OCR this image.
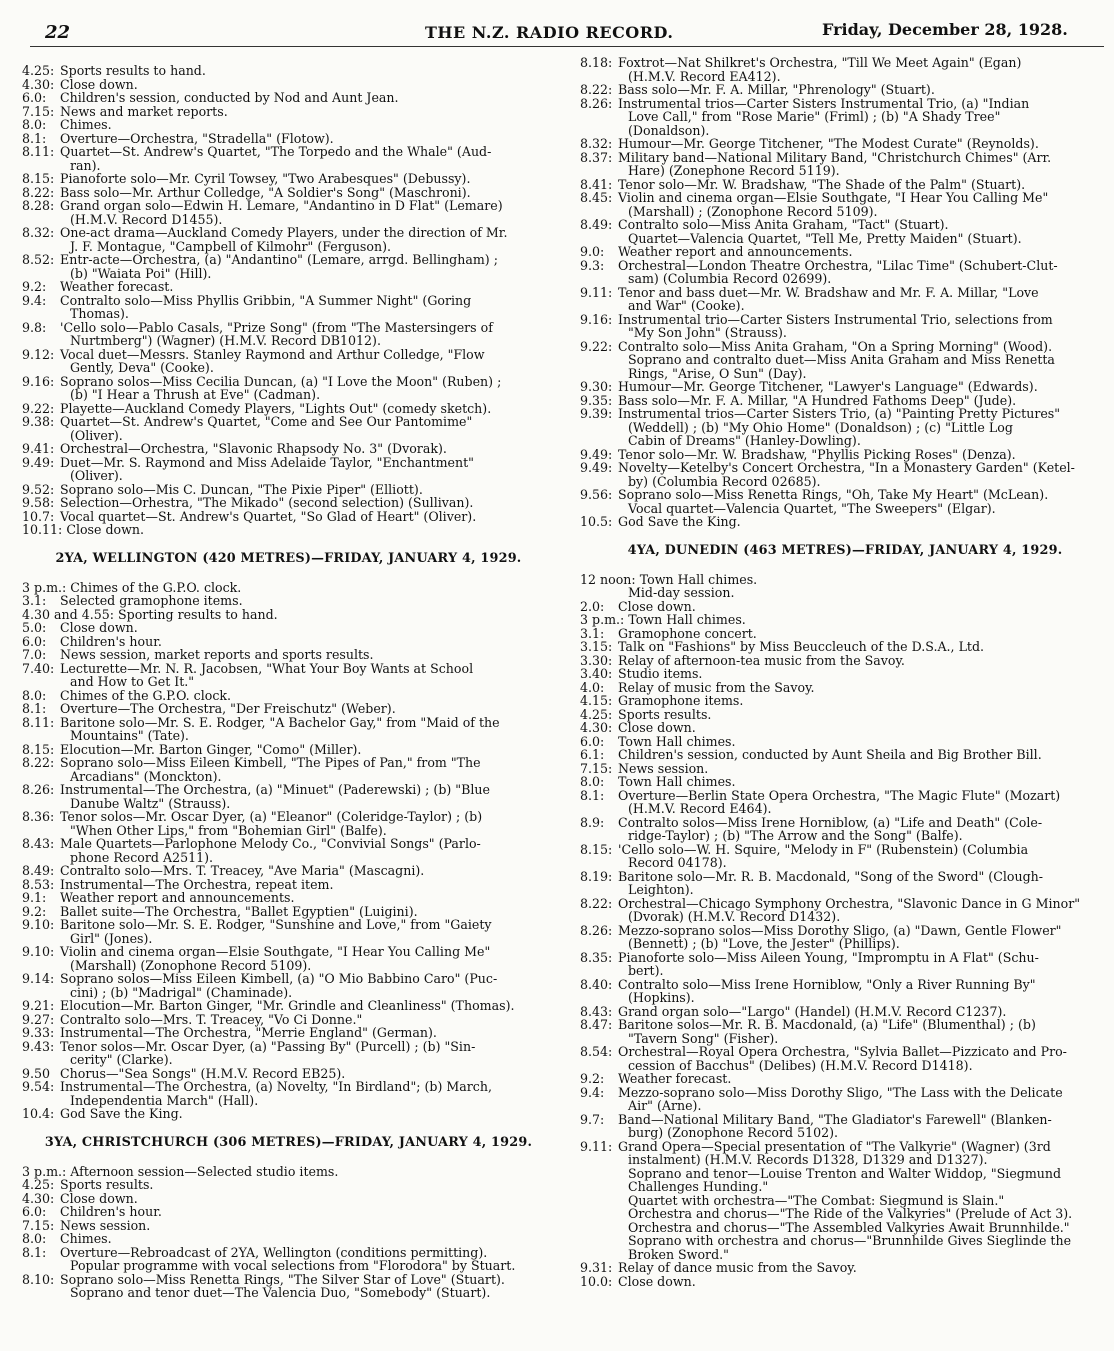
22	THE N.Z. RADIO RECORD.	Friday, December 28, 1928.
4.25: Sports results to hand.
4.30: Close down.
6.0: Children's session, conducted by Nod and Aunt Jean.
7.15: News and market reports.
8.0: Chimes.
8.1: Overture—Orchestra, "Stradella" (Flotow).
8.11: Quartet—St. Andrew's Quartet, "The Torpedo and the Whale" (Aud-
ran).
8.15: Pianoforte solo—Mr. Cyril Towsey, "Two Arabesques" (Debussy).
8.22: Bass solo—Mr. Arthur Colledge, "A Soldier's Song" (Maschroni).
8.28: Grand organ solo—Edwin H. Lemare, "Andantino in D Flat" (Lemare)
(H.M.V. Record D1455).
8.32: One-act drama—Auckland Comedy Players, under the direction of Mr.
J. F. Montague, "Campbell of Kilmohr" (Ferguson).
8.52: Entr-acte—Orchestra, (a) "Andantino" (Lemare, arrgd. Bellingham) ;
(b) "Waiata Poi" (Hill).
9.2: Weather forecast.
9.4: Contralto solo—Miss Phyllis Gribbin, "A Summer Night" (Goring
Thomas).
9.8: 'Cello solo—Pablo Casals, "Prize Song" (from "The Mastersingers of
Nurtmberg") (Wagner) (H.M.V. Record DB1012).
9.12: Vocal duet—Messrs. Stanley Raymond and Arthur Colledge, "Flow
Gently, Deva" (Cooke).
9.16: Soprano solos—Miss Cecilia Duncan, (a) "I Love the Moon" (Ruben) ;
(b) "I Hear a Thrush at Eve" (Cadman).
9.22: Playette—Auckland Comedy Players, "Lights Out" (comedy sketch).
9.38: Quartet—St. Andrew's Quartet, "Come and See Our Pantomime"
(Oliver).
9.41: Orchestral—Orchestra, "Slavonic Rhapsody No. 3" (Dvorak).
9.49: Duet—Mr. S. Raymond and Miss Adelaide Taylor, "Enchantment"
(Oliver).
9.52: Soprano solo—Mis C. Duncan, "The Pixie Piper" (Elliott).
9.58: Selection—Orhestra, "The Mikado" (second selection) (Sullivan).
10.7: Vocal quartet—St. Andrew's Quartet, "So Glad of Heart" (Oliver).
10.11: Close down.
2YA, WELLINGTON (420 METRES)—FRIDAY, JANUARY 4, 1929.
3 p.m.: Chimes of the G.P.O. clock.
3.1: Selected gramophone items.
4.30 and 4.55: Sporting results to hand.
5.0: Close down.
6.0: Children's hour.
7.0: News session, market reports and sports results.
7.40: Lecturette—Mr. N. R. Jacobsen, "What Your Boy Wants at School
and How to Get It."
8.0: Chimes of the G.P.O. clock.
8.1: Overture—The Orchestra, "Der Freischutz" (Weber).
8.11: Baritone solo—Mr. S. E. Rodger, "A Bachelor Gay," from "Maid of the
Mountains" (Tate).
8.15: Elocution—Mr. Barton Ginger, "Como" (Miller).
8.22: Soprano solo—Miss Eileen Kimbell, "The Pipes of Pan," from "The
Arcadians" (Monckton).
8.26: Instrumental—The Orchestra, (a) "Minuet" (Paderewski) ; (b) "Blue
Danube Waltz" (Strauss).
8.36: Tenor solos—Mr. Oscar Dyer, (a) "Eleanor" (Coleridge-Taylor) ; (b)
"When Other Lips," from "Bohemian Girl" (Balfe).
8.43: Male Quartets—Parlophone Melody Co., "Convivial Songs" (Parlo-
phone Record A2511).
8.49: Contralto solo—Mrs. T. Treacey, "Ave Maria" (Mascagni).
8.53: Instrumental—The Orchestra, repeat item.
9.1: Weather report and announcements.
9.2: Ballet suite—The Orchestra, "Ballet Egyptien" (Luigini).
9.10: Baritone solo—Mr. S. E. Rodger, "Sunshine and Love," from "Gaiety
Girl" (Jones).
9.10: Violin and cinema organ—Elsie Southgate, "I Hear You Calling Me"
(Marshall) (Zonophone Record 5109).
9.14: Soprano solos—Miss Eileen Kimbell, (a) "O Mio Babbino Caro" (Puc-
cini) ; (b) "Madrigal" (Chaminade).
9.21: Elocution—Mr. Barton Ginger, "Mr. Grindle and Cleanliness" (Thomas).
9.27: Contralto solo—Mrs. T. Treacey, "Vo Ci Donne."
9.33: Instrumental—The Orchestra, "Merrie England" (German).
9.43: Tenor solos—Mr. Oscar Dyer, (a) "Passing By" (Purcell) ; (b) "Sin-
cerity" (Clarke).
9.50 Chorus—"Sea Songs" (H.M.V. Record EB25).
9.54: Instrumental—The Orchestra, (a) Novelty, "In Birdland"; (b) March,
Independentia March" (Hall).
10.4: God Save the King.
3YA, CHRISTCHURCH (306 METRES)—FRIDAY, JANUARY 4, 1929.
3 p.m.: Afternoon session—Selected studio items.
4.25: Sports results.
4.30: Close down.
6.0: Children's hour.
7.15: News session.
8.0: Chimes.
8.1: Overture—Rebroadcast of 2YA, Wellington (conditions permitting).
Popular programme with vocal selections from "Florodora" by Stuart.
8.10: Soprano solo—Miss Renetta Rings, "The Silver Star of Love" (Stuart).
Soprano and tenor duet—The Valencia Duo, "Somebody" (Stuart).
8.18: Foxtrot—Nat Shilkret's Orchestra, "Till We Meet Again" (Egan)
(H.M.V. Record EA412).
8.22: Bass solo—Mr. F. A. Millar, "Phrenology" (Stuart).
8.26: Instrumental trios—Carter Sisters Instrumental Trio, (a) "Indian
Love Call," from "Rose Marie" (Friml) ; (b) "A Shady Tree"
(Donaldson).
8.32: Humour—Mr. George Titchener, "The Modest Curate" (Reynolds).
8.37: Military band—National Military Band, "Christchurch Chimes" (Arr.
Hare) (Zonephone Record 5119).
8.41: Tenor solo—Mr. W. Bradshaw, "The Shade of the Palm" (Stuart).
8.45: Violin and cinema organ—Elsie Southgate, "I Hear You Calling Me"
(Marshall) ; (Zonophone Record 5109).
8.49: Contralto solo—Miss Anita Graham, "Tact" (Stuart).
Quartet—Valencia Quartet, "Tell Me, Pretty Maiden" (Stuart).
9.0: Weather report and announcements.
9.3: Orchestral—London Theatre Orchestra, "Lilac Time" (Schubert-Clut-
sam) (Columbia Record 02699).
9.11: Tenor and bass duet—Mr. W. Bradshaw and Mr. F. A. Millar, "Love
and War" (Cooke).
9.16: Instrumental trio—Carter Sisters Instrumental Trio, selections from
"My Son John" (Strauss).
9.22: Contralto solo—Miss Anita Graham, "On a Spring Morning" (Wood).
Soprano and contralto duet—Miss Anita Graham and Miss Renetta
Rings, "Arise, O Sun" (Day).
9.30: Humour—Mr. George Titchener, "Lawyer's Language" (Edwards).
9.35: Bass solo—Mr. F. A. Millar, "A Hundred Fathoms Deep" (Jude).
9.39: Instrumental trios—Carter Sisters Trio, (a) "Painting Pretty Pictures"
(Weddell) ; (b) "My Ohio Home" (Donaldson) ; (c) "Little Log
Cabin of Dreams" (Hanley-Dowling).
9.49: Tenor solo—Mr. W. Bradshaw, "Phyllis Picking Roses" (Denza).
9.49: Novelty—Ketelby's Concert Orchestra, "In a Monastery Garden" (Ketel-
by) (Columbia Record 02685).
9.56: Soprano solo—Miss Renetta Rings, "Oh, Take My Heart" (McLean).
Vocal quartet—Valencia Quartet, "The Sweepers" (Elgar).
10.5: God Save the King.
4YA, DUNEDIN (463 METRES)—FRIDAY, JANUARY 4, 1929.
12 noon: Town Hall chimes.
Mid-day session.
2.0: Close down.
3 p.m.: Town Hall chimes.
3.1: Gramophone concert.
3.15: Talk on "Fashions" by Miss Beuccleuch of the D.S.A., Ltd.
3.30: Relay of afternoon-tea music from the Savoy.
3.40: Studio items.
4.0: Relay of music from the Savoy.
4.15: Gramophone items.
4.25: Sports results.
4.30: Close down.
6.0: Town Hall chimes.
6.1: Children's session, conducted by Aunt Sheila and Big Brother Bill.
7.15: News session.
8.0: Town Hall chimes.
8.1: Overture—Berlin State Opera Orchestra, "The Magic Flute" (Mozart)
(H.M.V. Record E464).
8.9: Contralto solos—Miss Irene Horniblow, (a) "Life and Death" (Cole-
ridge-Taylor) ; (b) "The Arrow and the Song" (Balfe).
8.15: 'Cello solo—W. H. Squire, "Melody in F" (Rubenstein) (Columbia
Record 04178).
8.19: Baritone solo—Mr. R. B. Macdonald, "Song of the Sword" (Clough-
Leighton).
8.22: Orchestral—Chicago Symphony Orchestra, "Slavonic Dance in G Minor"
(Dvorak) (H.M.V. Record D1432).
8.26: Mezzo-soprano solos—Miss Dorothy Sligo, (a) "Dawn, Gentle Flower"
(Bennett) ; (b) "Love, the Jester" (Phillips).
8.35: Pianoforte solo—Miss Aileen Young, "Impromptu in A Flat" (Schu-
bert).
8.40: Contralto solo—Miss Irene Horniblow, "Only a River Running By"
(Hopkins).
8.43: Grand organ solo—"Largo" (Handel) (H.M.V. Record C1237).
8.47: Baritone solos—Mr. R. B. Macdonald, (a) "Life" (Blumenthal) ; (b)
"Tavern Song" (Fisher).
8.54: Orchestral—Royal Opera Orchestra, "Sylvia Ballet—Pizzicato and Pro-
cession of Bacchus" (Delibes) (H.M.V. Record D1418).
9.2: Weather forecast.
9.4: Mezzo-soprano solo—Miss Dorothy Sligo, "The Lass with the Delicate
Air" (Arne).
9.7: Band—National Military Band, "The Gladiator's Farewell" (Blanken-
burg) (Zonophone Record 5102).
9.11: Grand Opera—Special presentation of "The Valkyrie" (Wagner) (3rd
instalment) (H.M.V. Records D1328, D1329 and D1327).
Soprano and tenor—Louise Trenton and Walter Widdop, "Siegmund
Challenges Hunding."
Quartet with orchestra—"The Combat: Siegmund is Slain."
Orchestra and chorus—"The Ride of the Valkyries" (Prelude of Act 3).
Orchestra and chorus—"The Assembled Valkyries Await Brunnhilde."
Soprano with orchestra and chorus—"Brunnhilde Gives Sieglinde the
Broken Sword."
9.31: Relay of dance music from the Savoy.
10.0: Close down.
